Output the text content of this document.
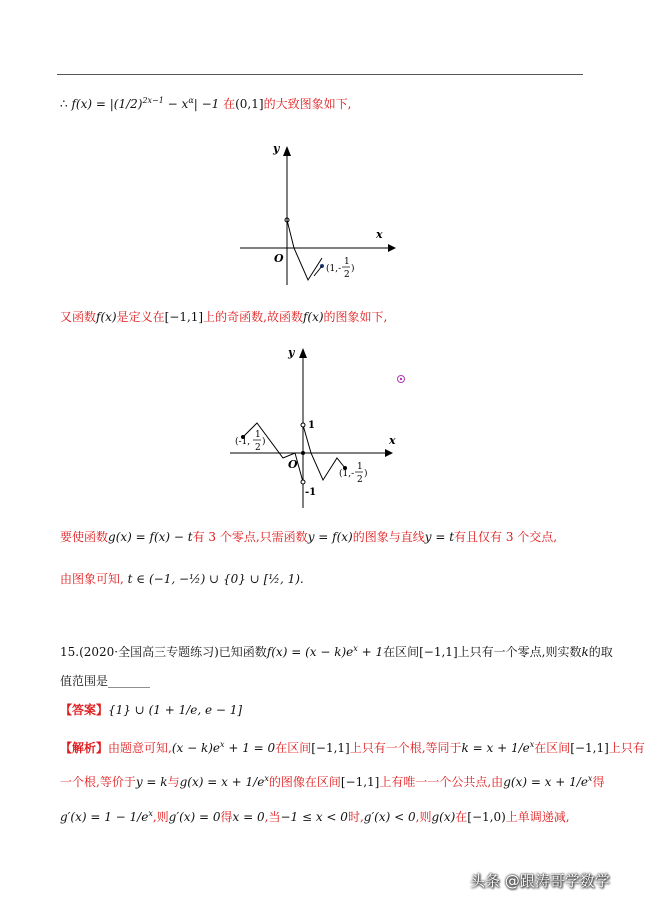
∴ $f(x) = |(1/2)^{2x-1} - x^\alpha| -1$ 在(0,1]的大致图象如下,
y
x
O
(1,-
1
2
)
又函数f(x)是定义在[−1,1]上的奇函数,故函数f(x)的图象如下,
y
x
O
1
-1
(-1,
1
2
)
(1,-
1
2
)
要使函数g(x) = f(x) − t有 3 个零点,只需函数y = f(x)的图象与直线y = t有且仅有 3 个交点,
由图象可知, t ∈ (−1, −½) ∪ {0} ∪ [½, 1).
15.(2020·全国高三专题练习)已知函数$f(x) = (x - k)e^x + 1$在区间[−1,1]上只有一个零点,则实数k的取
值范围是_______
【答案】{1} ∪ (1 + 1/e, e − 1]
【解析】由题意可知$,(x - k)e^x + 1 = 0$在区间[−1,1]上只有一个根,等同于$k = x + 1/e^x$在区间[−1,1]上只有
一个根,等价于y = k与$g(x) = x + 1/e^x$的图像在区间[−1,1]上有唯一一个公共点,由$g(x) = x + 1/e^x$得
$g'(x) = 1 - 1/e^x$,则g′(x) = 0得x = 0,当−1 ≤ x < 0时,g′(x) < 0,则g(x)在[−1,0)上单调递减,
头条 @跟涛哥学数学
